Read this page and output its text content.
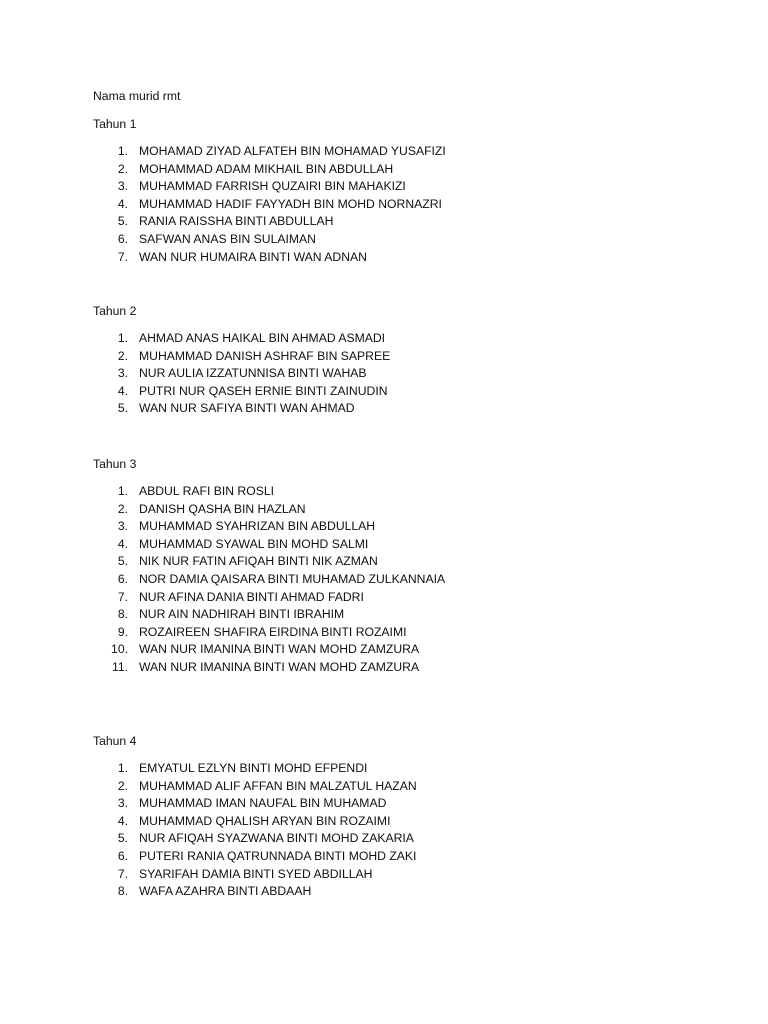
Nama murid rmt
Tahun 1
1. MOHAMAD ZIYAD ALFATEH BIN MOHAMAD YUSAFIZI
2. MOHAMMAD ADAM MIKHAIL BIN ABDULLAH
3. MUHAMMAD FARRISH QUZAIRI BIN MAHAKIZI
4. MUHAMMAD HADIF FAYYADH BIN MOHD NORNAZRI
5. RANIA RAISSHA BINTI ABDULLAH
6. SAFWAN ANAS BIN SULAIMAN
7. WAN NUR HUMAIRA BINTI WAN ADNAN
Tahun 2
1. AHMAD ANAS HAIKAL BIN AHMAD ASMADI
2. MUHAMMAD DANISH ASHRAF BIN SAPREE
3. NUR AULIA IZZATUNNISA BINTI WAHAB
4. PUTRI NUR QASEH ERNIE BINTI ZAINUDIN
5. WAN NUR SAFIYA BINTI WAN AHMAD
Tahun 3
1. ABDUL RAFI BIN ROSLI
2. DANISH QASHA BIN HAZLAN
3. MUHAMMAD SYAHRIZAN BIN ABDULLAH
4. MUHAMMAD SYAWAL BIN MOHD SALMI
5. NIK NUR FATIN AFIQAH BINTI NIK AZMAN
6. NOR DAMIA QAISARA BINTI MUHAMAD ZULKANNAIA
7. NUR AFINA DANIA BINTI AHMAD FADRI
8. NUR AIN NADHIRAH BINTI IBRAHIM
9. ROZAIREEN SHAFIRA EIRDINA BINTI ROZAIMI
10. WAN NUR IMANINA BINTI WAN MOHD ZAMZURA
11. WAN NUR IMANINA BINTI WAN MOHD ZAMZURA
Tahun 4
1. EMYATUL EZLYN BINTI MOHD EFPENDI
2. MUHAMMAD ALIF AFFAN BIN MALZATUL HAZAN
3. MUHAMMAD IMAN NAUFAL BIN MUHAMAD
4. MUHAMMAD QHALISH ARYAN BIN ROZAIMI
5. NUR AFIQAH SYAZWANA BINTI MOHD ZAKARIA
6. PUTERI RANIA QATRUNNADA BINTI MOHD ZAKI
7. SYARIFAH DAMIA BINTI SYED ABDILLAH
8. WAFA AZAHRA BINTI ABDAAH
